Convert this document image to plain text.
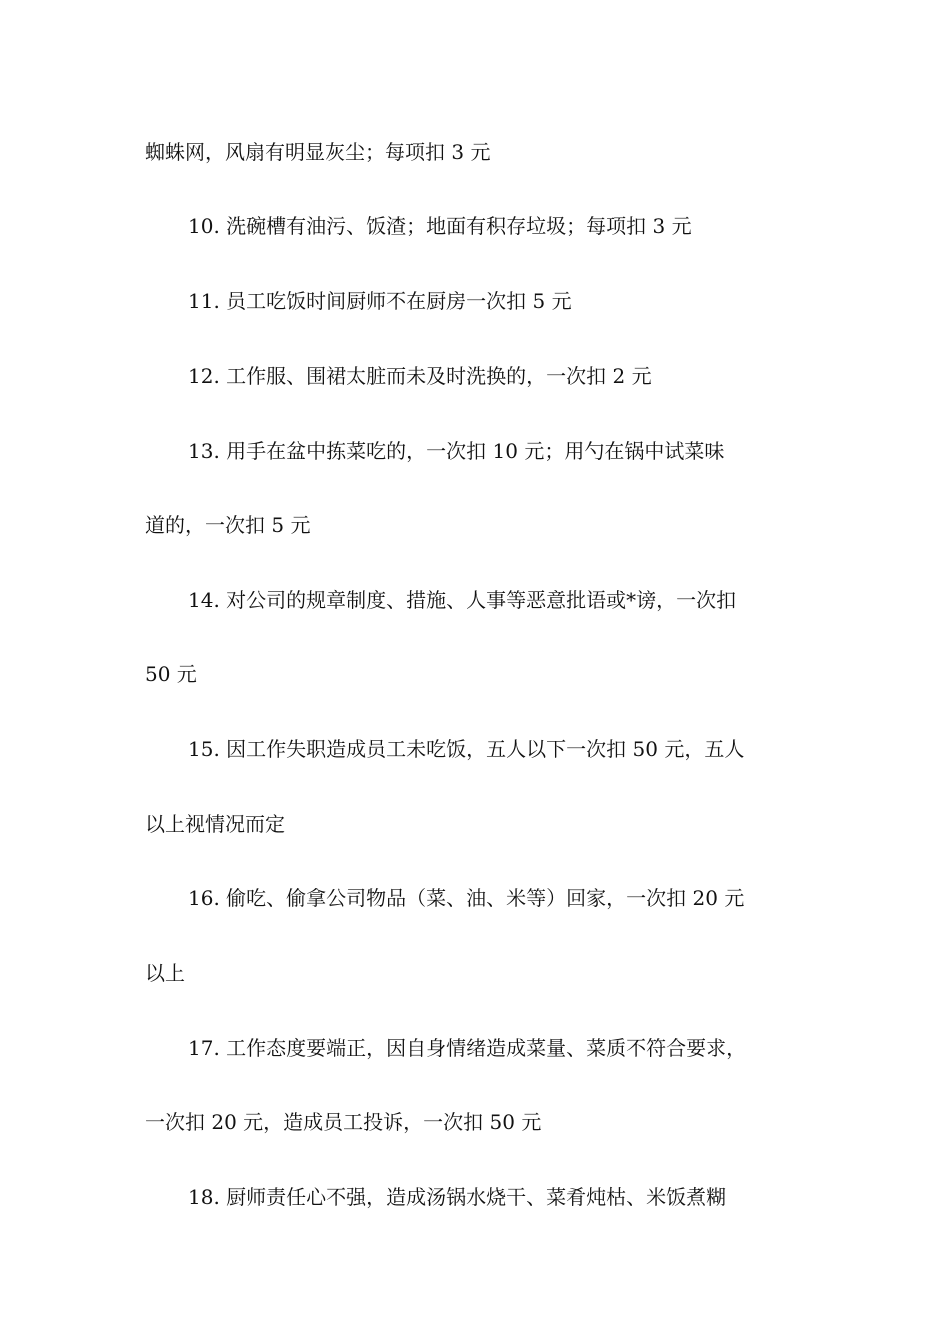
蜘蛛网，风扇有明显灰尘；每项扣 3 元
10. 洗碗槽有油污、饭渣；地面有积存垃圾；每项扣 3 元
11. 员工吃饭时间厨师不在厨房一次扣 5 元
12. 工作服、围裙太脏而未及时洗换的，一次扣 2 元
13. 用手在盆中拣菜吃的，一次扣 10 元；用勺在锅中试菜味
道的，一次扣 5 元
14. 对公司的规章制度、措施、人事等恶意批语或*谤，一次扣
50 元
15. 因工作失职造成员工未吃饭，五人以下一次扣 50 元，五人
以上视情况而定
16. 偷吃、偷拿公司物品（菜、油、米等）回家，一次扣 20 元
以上
17. 工作态度要端正，因自身情绪造成菜量、菜质不符合要求，
一次扣 20 元，造成员工投诉，一次扣 50 元
18. 厨师责任心不强，造成汤锅水烧干、菜肴炖枯、米饭煮糊
